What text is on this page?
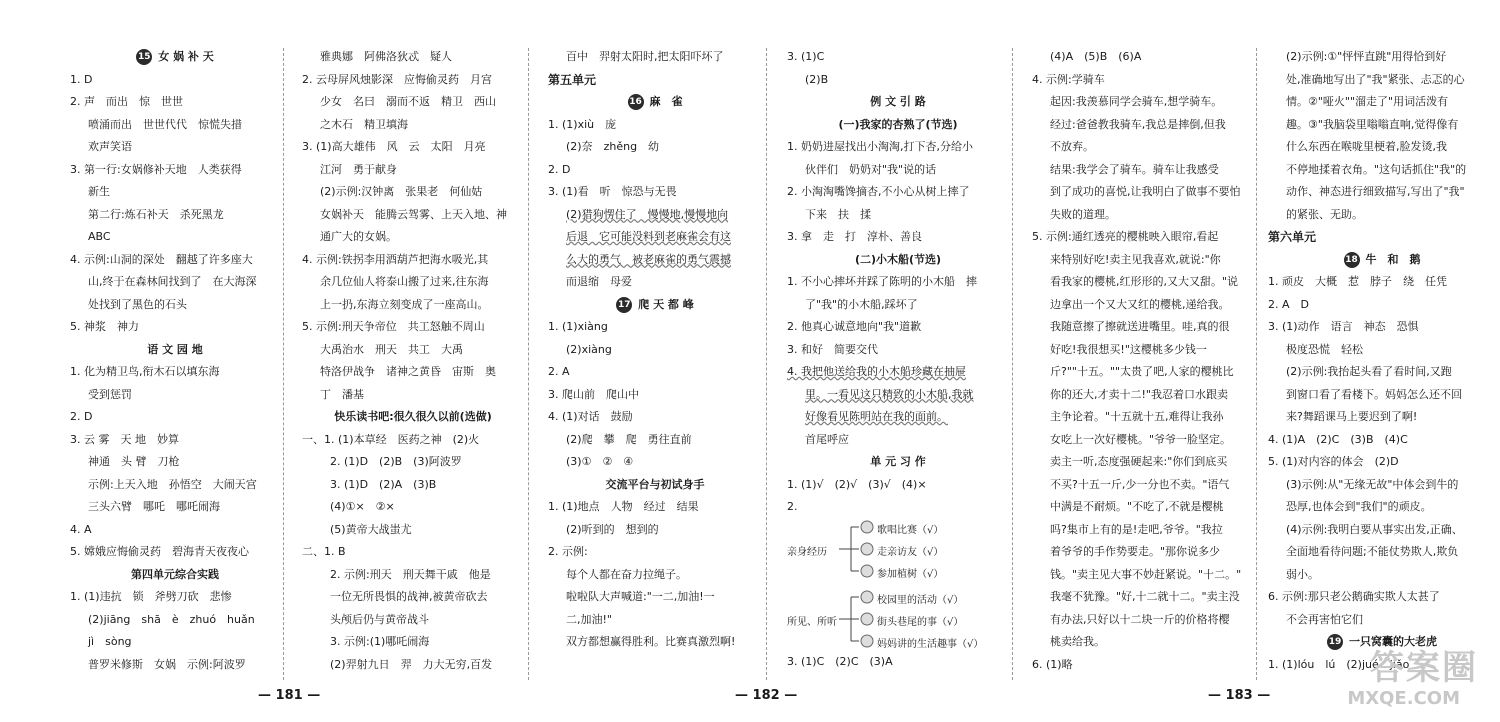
15 女 娲 补 天
1. D
2. 声　而出　惊　世世
喷涌而出　世世代代　惊慌失措
欢声笑语
3. 第一行:女娲修补天地　人类获得
新生
第二行:炼石补天　杀死黑龙
ABC
4. 示例:山洞的深处　翻越了许多座大
山,终于在森林间找到了　在大海深
处找到了黑色的石头
5. 神浆　神力
语 文 园 地
1. 化为精卫鸟,衔木石以填东海
受到惩罚
2. D
3. 云 雾　天 地　妙算
神通　头 臂　刀枪
示例:上天入地　孙悟空　大闹天宫
三头六臂　哪吒　哪吒闹海
4. A
5. 嫦娥应悔偷灵药　碧海青天夜夜心
第四单元综合实践
1. (1)违抗　锁　斧劈刀砍　悲惨
(2)jiāng　shā　è　zhuó　huǎn
jì　sòng
普罗米修斯　女娲　示例:阿波罗
雅典娜　阿佛洛狄忒　疑人
2. 云母屏风烛影深　应悔偷灵药　月宫
少女　名曰　溺而不返　精卫　西山
之木石　精卫填海
3. (1)高大雄伟　风　云　太阳　月亮
江河　勇于献身
(2)示例:汉钟离　张果老　何仙姑
女娲补天　能腾云驾雾、上天入地、神
通广大的女娲。
4. 示例:铁拐李用酒葫芦把海水吸光,其
余几位仙人将泰山搬了过来,往东海
上一扔,东海立刻变成了一座高山。
5. 示例:刑天争帝位　共工怒触不周山
大禹治水　刑天　共工　大禹
特洛伊战争　诸神之黄昏　宙斯　奥
丁　潘基
快乐读书吧:很久很久以前(选做)
一、1. (1)本草经　医药之神　(2)火
2. (1)D　(2)B　(3)阿波罗
3. (1)D　(2)A　(3)B
(4)①×　②×
(5)黄帝大战蚩尤
二、1. B
2. 示例:刑天　刑天舞干戚　他是
一位无所畏惧的战神,被黄帝砍去
头颅后仍与黄帝战斗
3. 示例:(1)哪吒闹海
(2)羿射九日　羿　力大无穷,百发
百中　羿射太阳时,把太阳吓坏了
第五单元
16 麻　雀
1. (1)xiù　庞
(2)奈　zhěng　幼
2. D
3. (1)看　听　惊恐与无畏
(2)猎狗愣住了　慢慢地,慢慢地向
后退　它可能没料到老麻雀会有这
么大的勇气　被老麻雀的勇气震撼
而退缩　母爱
17 爬 天 都 峰
1. (1)xiàng
(2)xiàng
2. A
3. 爬山前　爬山中
4. (1)对话　鼓励
(2)爬　攀　爬　勇往直前
(3)①　②　④
交流平台与初试身手
1. (1)地点　人物　经过　结果
(2)听到的　想到的
2. 示例:
每个人都在奋力拉绳子。
啦啦队大声喊道:"一二,加油!一
二,加油!"
双方都想赢得胜利。比赛真激烈啊!
3. (1)C
(2)B
例 文 引 路
(一)我家的杏熟了(节选)
1. 奶奶进屋找出小淘淘,打下杏,分给小
伙伴们　奶奶对"我"说的话
2. 小淘淘嘴馋摘杏,不小心从树上摔了
下来　扶　揉
3. 拿　走　打　淳朴、善良
(二)小木船(节选)
1. 不小心摔坏并踩了陈明的小木船　摔
了"我"的小木船,踩坏了
2. 他真心诚意地向"我"道歉
3. 和好　简要交代
4. 我把他送给我的小木船珍藏在抽屉
里。一看见这只精致的小木船,我就
好像看见陈明站在我的面前。
首尾呼应
单 元 习 作
1. (1)√　(2)√　(3)√　(4)×
2.
亲身经历
所见、所听
歌唱比赛（√）
走亲访友（√）
参加植树（√）
校园里的活动（√）
街头巷尾的事（√）
妈妈讲的生活趣事（√）
3. (1)C　(2)C　(3)A
(4)A　(5)B　(6)A
4. 示例:学骑车
起因:我羡慕同学会骑车,想学骑车。
经过:爸爸教我骑车,我总是摔倒,但我
不放弃。
结果:我学会了骑车。骑车让我感受
到了成功的喜悦,让我明白了做事不要怕
失败的道理。
5. 示例:通红透亮的樱桃映入眼帘,看起
来特别好吃!卖主见我喜欢,就说:"你
看我家的樱桃,红形形的,又大又甜。"说
边拿出一个又大又红的樱桃,递给我。
我随意擦了擦就送进嘴里。哇,真的很
好吃!我很想买!"这樱桃多少钱一
斤?""十五。""太贵了吧,人家的樱桃比
你的还大,才卖十二!"我忍着口水跟卖
主争论着。"十五就十五,难得让我孙
女吃上一次好樱桃。"爷爷一脸坚定。
卖主一听,态度强硬起来:"你们到底买
不买?十五一斤,少一分也不卖。"语气
中满是不耐烦。"不吃了,不就是樱桃
吗?集市上有的是!走吧,爷爷。"我拉
着爷爷的手作势要走。"那你说多少
钱。"卖主见大事不妙赶紧说。"十二。"
我毫不犹豫。"好,十二就十二。"卖主没
有办法,只好以十二块一斤的价格将樱
桃卖给我。
6. (1)略
(2)示例:①"怦怦直跳"用得恰到好
处,准确地写出了"我"紧张、忐忑的心
情。②"哑火""溜走了"用词活泼有
趣。③"我脑袋里嗡嗡直响,觉得像有
什么东西在喉咙里梗着,脸发烫,我
不停地揉着衣角。"这句话抓住"我"的
动作、神态进行细致描写,写出了"我"
的紧张、无助。
第六单元
18 牛　和　鹅
1. 顽皮　大概　惹　脖子　绕　任凭
2. A　D
3. (1)动作　语言　神态　恐惧
极度恐慌　轻松
(2)示例:我抬起头看了看时间,又跑
到窗口看了看楼下。妈妈怎么还不回
来?舞蹈课马上要迟到了啊!
4. (1)A　(2)C　(3)B　(4)C
5. (1)对内容的体会　(2)D
(3)示例:从"无缘无故"中体会到牛的
恐厚,也体会到"我们"的顽皮。
(4)示例:我明白要从事实出发,正确、
全面地看待问题;不能仗势欺人,欺负
弱小。
6. 示例:那只老公鹅确实欺人太甚了
不会再害怕它们
19 一只窝囊的大老虎
1. (1)lóu　lú　(2)jué　jiǎo
— 181 —	— 182 —	— 183 —
答案圈
MXQE.COM
